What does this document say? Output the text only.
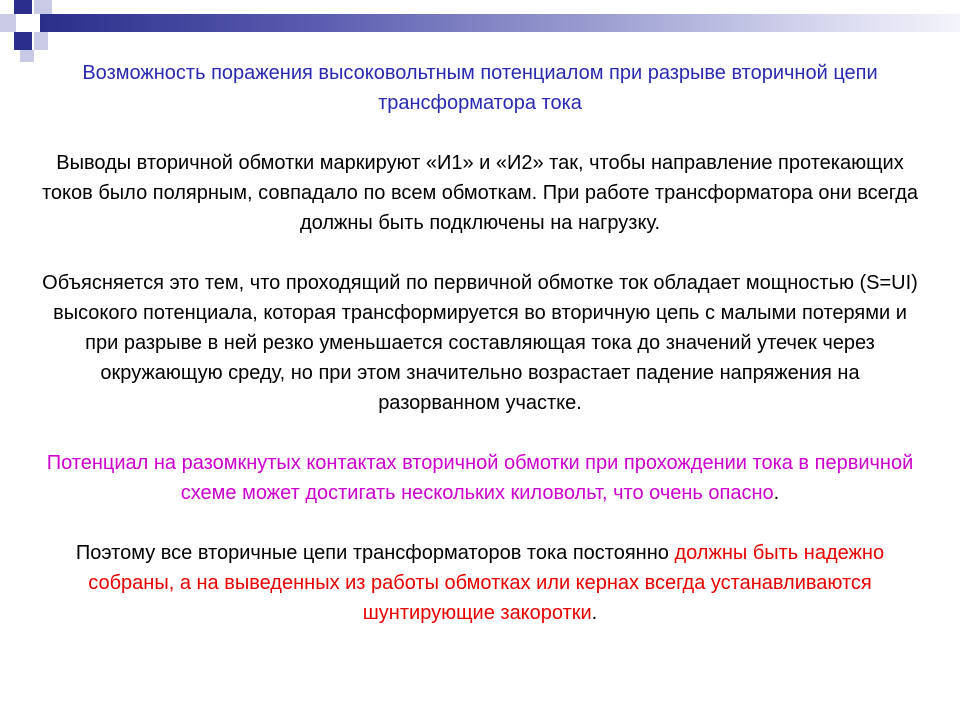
Возможность поражения высоковольтным потенциалом при разрыве вторичной цепи трансформатора тока
Выводы вторичной обмотки маркируют «И1» и «И2» так, чтобы направление протекающих токов было полярным, совпадало по всем обмоткам. При работе трансформатора они всегда должны быть подключены на нагрузку.
Объясняется это тем, что проходящий по первичной обмотке ток обладает мощностью (S=UI) высокого потенциала, которая трансформируется во вторичную цепь с малыми потерями и при разрыве в ней резко уменьшается составляющая тока до значений утечек через окружающую среду, но при этом значительно возрастает падение напряжения на разорванном участке.
Потенциал на разомкнутых контактах вторичной обмотки при прохождении тока в первичной схеме может достигать нескольких киловольт, что очень опасно.
Поэтому все вторичные цепи трансформаторов тока постоянно должны быть надежно собраны, а на выведенных из работы обмотках или кернах всегда устанавливаются шунтирующие закоротки.
